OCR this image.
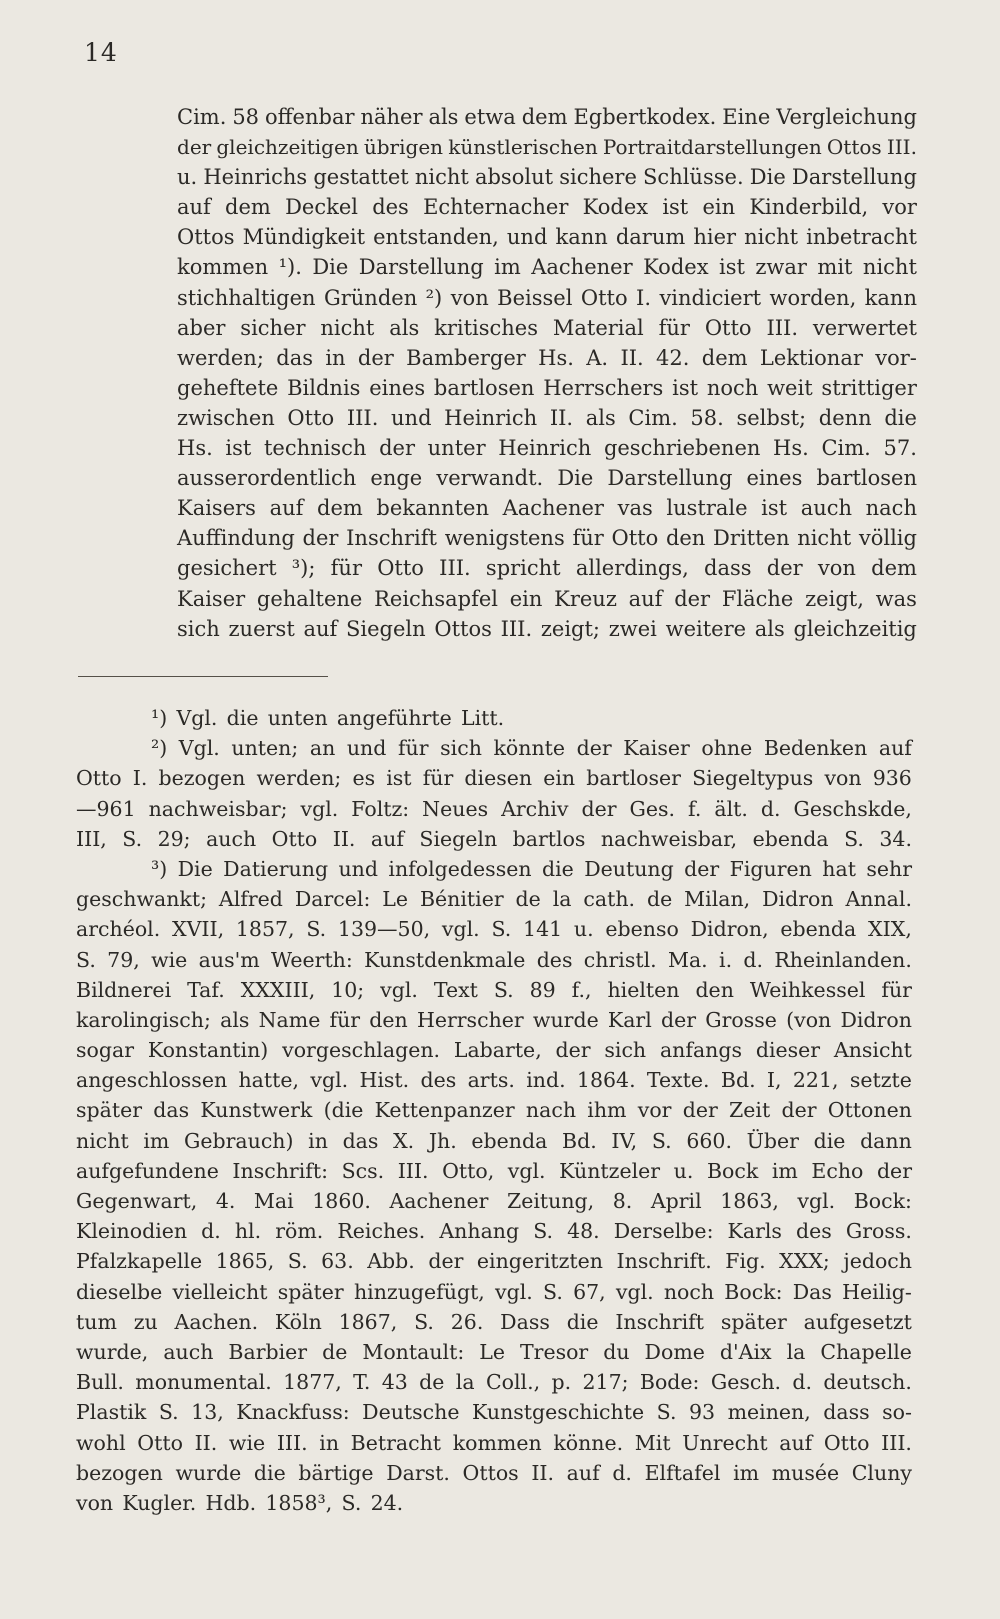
14
Cim. 58 offenbar näher als etwa dem Egbertkodex. Eine Vergleichung
der gleichzeitigen übrigen künstlerischen Portraitdarstellungen Ottos III.
u. Heinrichs gestattet nicht absolut sichere Schlüsse. Die Darstellung
auf dem Deckel des Echternacher Kodex ist ein Kinderbild, vor
Ottos Mündigkeit entstanden, und kann darum hier nicht inbetracht
kommen ¹). Die Darstellung im Aachener Kodex ist zwar mit nicht
stichhaltigen Gründen ²) von Beissel Otto I. vindiciert worden, kann
aber sicher nicht als kritisches Material für Otto III. verwertet
werden; das in der Bamberger Hs. A. II. 42. dem Lektionar vor-
geheftete Bildnis eines bartlosen Herrschers ist noch weit strittiger
zwischen Otto III. und Heinrich II. als Cim. 58. selbst; denn die
Hs. ist technisch der unter Heinrich geschriebenen Hs. Cim. 57.
ausserordentlich enge verwandt. Die Darstellung eines bartlosen
Kaisers auf dem bekannten Aachener vas lustrale ist auch nach
Auffindung der Inschrift wenigstens für Otto den Dritten nicht völlig
gesichert ³); für Otto III. spricht allerdings, dass der von dem
Kaiser gehaltene Reichsapfel ein Kreuz auf der Fläche zeigt, was
sich zuerst auf Siegeln Ottos III. zeigt; zwei weitere als gleichzeitig
¹) Vgl. die unten angeführte Litt.
²) Vgl. unten; an und für sich könnte der Kaiser ohne Bedenken auf
Otto I. bezogen werden; es ist für diesen ein bartloser Siegeltypus von 936
—961 nachweisbar; vgl. Foltz: Neues Archiv der Ges. f. ält. d. Geschskde,
III, S. 29; auch Otto II. auf Siegeln bartlos nachweisbar, ebenda S. 34.
³) Die Datierung und infolgedessen die Deutung der Figuren hat sehr
geschwankt; Alfred Darcel: Le Bénitier de la cath. de Milan, Didron Annal.
archéol. XVII, 1857, S. 139—50, vgl. S. 141 u. ebenso Didron, ebenda XIX,
S. 79, wie aus'm Weerth: Kunstdenkmale des christl. Ma. i. d. Rheinlanden.
Bildnerei Taf. XXXIII, 10; vgl. Text S. 89 f., hielten den Weihkessel für
karolingisch; als Name für den Herrscher wurde Karl der Grosse (von Didron
sogar Konstantin) vorgeschlagen. Labarte, der sich anfangs dieser Ansicht
angeschlossen hatte, vgl. Hist. des arts. ind. 1864. Texte. Bd. I, 221, setzte
später das Kunstwerk (die Kettenpanzer nach ihm vor der Zeit der Ottonen
nicht im Gebrauch) in das X. Jh. ebenda Bd. IV, S. 660. Über die dann
aufgefundene Inschrift: Scs. III. Otto, vgl. Küntzeler u. Bock im Echo der
Gegenwart, 4. Mai 1860. Aachener Zeitung, 8. April 1863, vgl. Bock:
Kleinodien d. hl. röm. Reiches. Anhang S. 48. Derselbe: Karls des Gross.
Pfalzkapelle 1865, S. 63. Abb. der eingeritzten Inschrift. Fig. XXX; jedoch
dieselbe vielleicht später hinzugefügt, vgl. S. 67, vgl. noch Bock: Das Heilig-
tum zu Aachen. Köln 1867, S. 26. Dass die Inschrift später aufgesetzt
wurde, auch Barbier de Montault: Le Tresor du Dome d'Aix la Chapelle
Bull. monumental. 1877, T. 43 de la Coll., p. 217; Bode: Gesch. d. deutsch.
Plastik S. 13, Knackfuss: Deutsche Kunstgeschichte S. 93 meinen, dass so-
wohl Otto II. wie III. in Betracht kommen könne. Mit Unrecht auf Otto III.
bezogen wurde die bärtige Darst. Ottos II. auf d. Elftafel im musée Cluny
von Kugler. Hdb. 1858³, S. 24.
